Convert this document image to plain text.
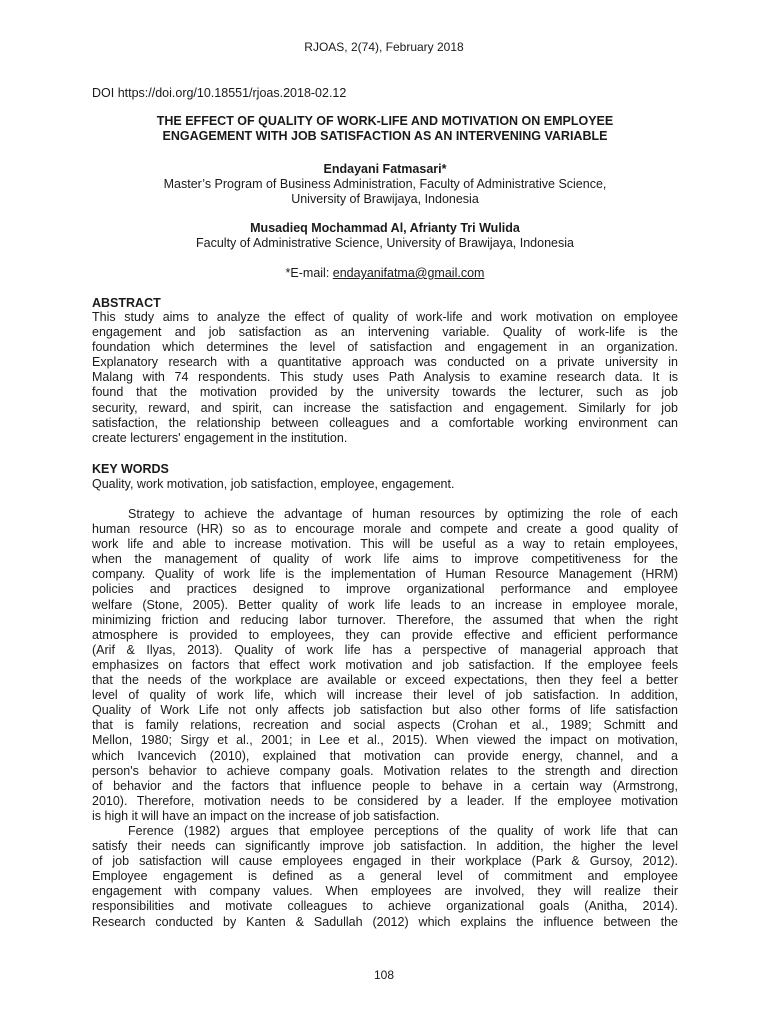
RJOAS, 2(74), February 2018
DOI https://doi.org/10.18551/rjoas.2018-02.12
THE EFFECT OF QUALITY OF WORK-LIFE AND MOTIVATION ON EMPLOYEE
ENGAGEMENT WITH JOB SATISFACTION AS AN INTERVENING VARIABLE
Endayani Fatmasari*
Master’s Program of Business Administration, Faculty of Administrative Science,
University of Brawijaya, Indonesia
Musadieq Mochammad Al, Afrianty Tri Wulida
Faculty of Administrative Science, University of Brawijaya, Indonesia
*E-mail: endayanifatma@gmail.com
ABSTRACT
This study aims to analyze the effect of quality of work-life and work motivation on employee
engagement and job satisfaction as an intervening variable. Quality of work-life is the
foundation which determines the level of satisfaction and engagement in an organization.
Explanatory research with a quantitative approach was conducted on a private university in
Malang with 74 respondents. This study uses Path Analysis to examine research data. It is
found that the motivation provided by the university towards the lecturer, such as job
security, reward, and spirit, can increase the satisfaction and engagement. Similarly for job
satisfaction, the relationship between colleagues and a comfortable working environment can
create lecturers' engagement in the institution.
KEY WORDS
Quality, work motivation, job satisfaction, employee, engagement.
Strategy to achieve the advantage of human resources by optimizing the role of each
human resource (HR) so as to encourage morale and compete and create a good quality of
work life and able to increase motivation. This will be useful as a way to retain employees,
when the management of quality of work life aims to improve competitiveness for the
company. Quality of work life is the implementation of Human Resource Management (HRM)
policies and practices designed to improve organizational performance and employee
welfare (Stone, 2005). Better quality of work life leads to an increase in employee morale,
minimizing friction and reducing labor turnover. Therefore, the assumed that when the right
atmosphere is provided to employees, they can provide effective and efficient performance
(Arif & Ilyas, 2013). Quality of work life has a perspective of managerial approach that
emphasizes on factors that effect work motivation and job satisfaction. If the employee feels
that the needs of the workplace are available or exceed expectations, then they feel a better
level of quality of work life, which will increase their level of job satisfaction. In addition,
Quality of Work Life not only affects job satisfaction but also other forms of life satisfaction
that is family relations, recreation and social aspects (Crohan et al., 1989; Schmitt and
Mellon, 1980; Sirgy et al., 2001; in Lee et al., 2015). When viewed the impact on motivation,
which Ivancevich (2010), explained that motivation can provide energy, channel, and a
person's behavior to achieve company goals. Motivation relates to the strength and direction
of behavior and the factors that influence people to behave in a certain way (Armstrong,
2010). Therefore, motivation needs to be considered by a leader. If the employee motivation
is high it will have an impact on the increase of job satisfaction.
Ference (1982) argues that employee perceptions of the quality of work life that can
satisfy their needs can significantly improve job satisfaction. In addition, the higher the level
of job satisfaction will cause employees engaged in their workplace (Park & Gursoy, 2012).
Employee engagement is defined as a general level of commitment and employee
engagement with company values. When employees are involved, they will realize their
responsibilities and motivate colleagues to achieve organizational goals (Anitha, 2014).
Research conducted by Kanten & Sadullah (2012) which explains the influence between the
108
